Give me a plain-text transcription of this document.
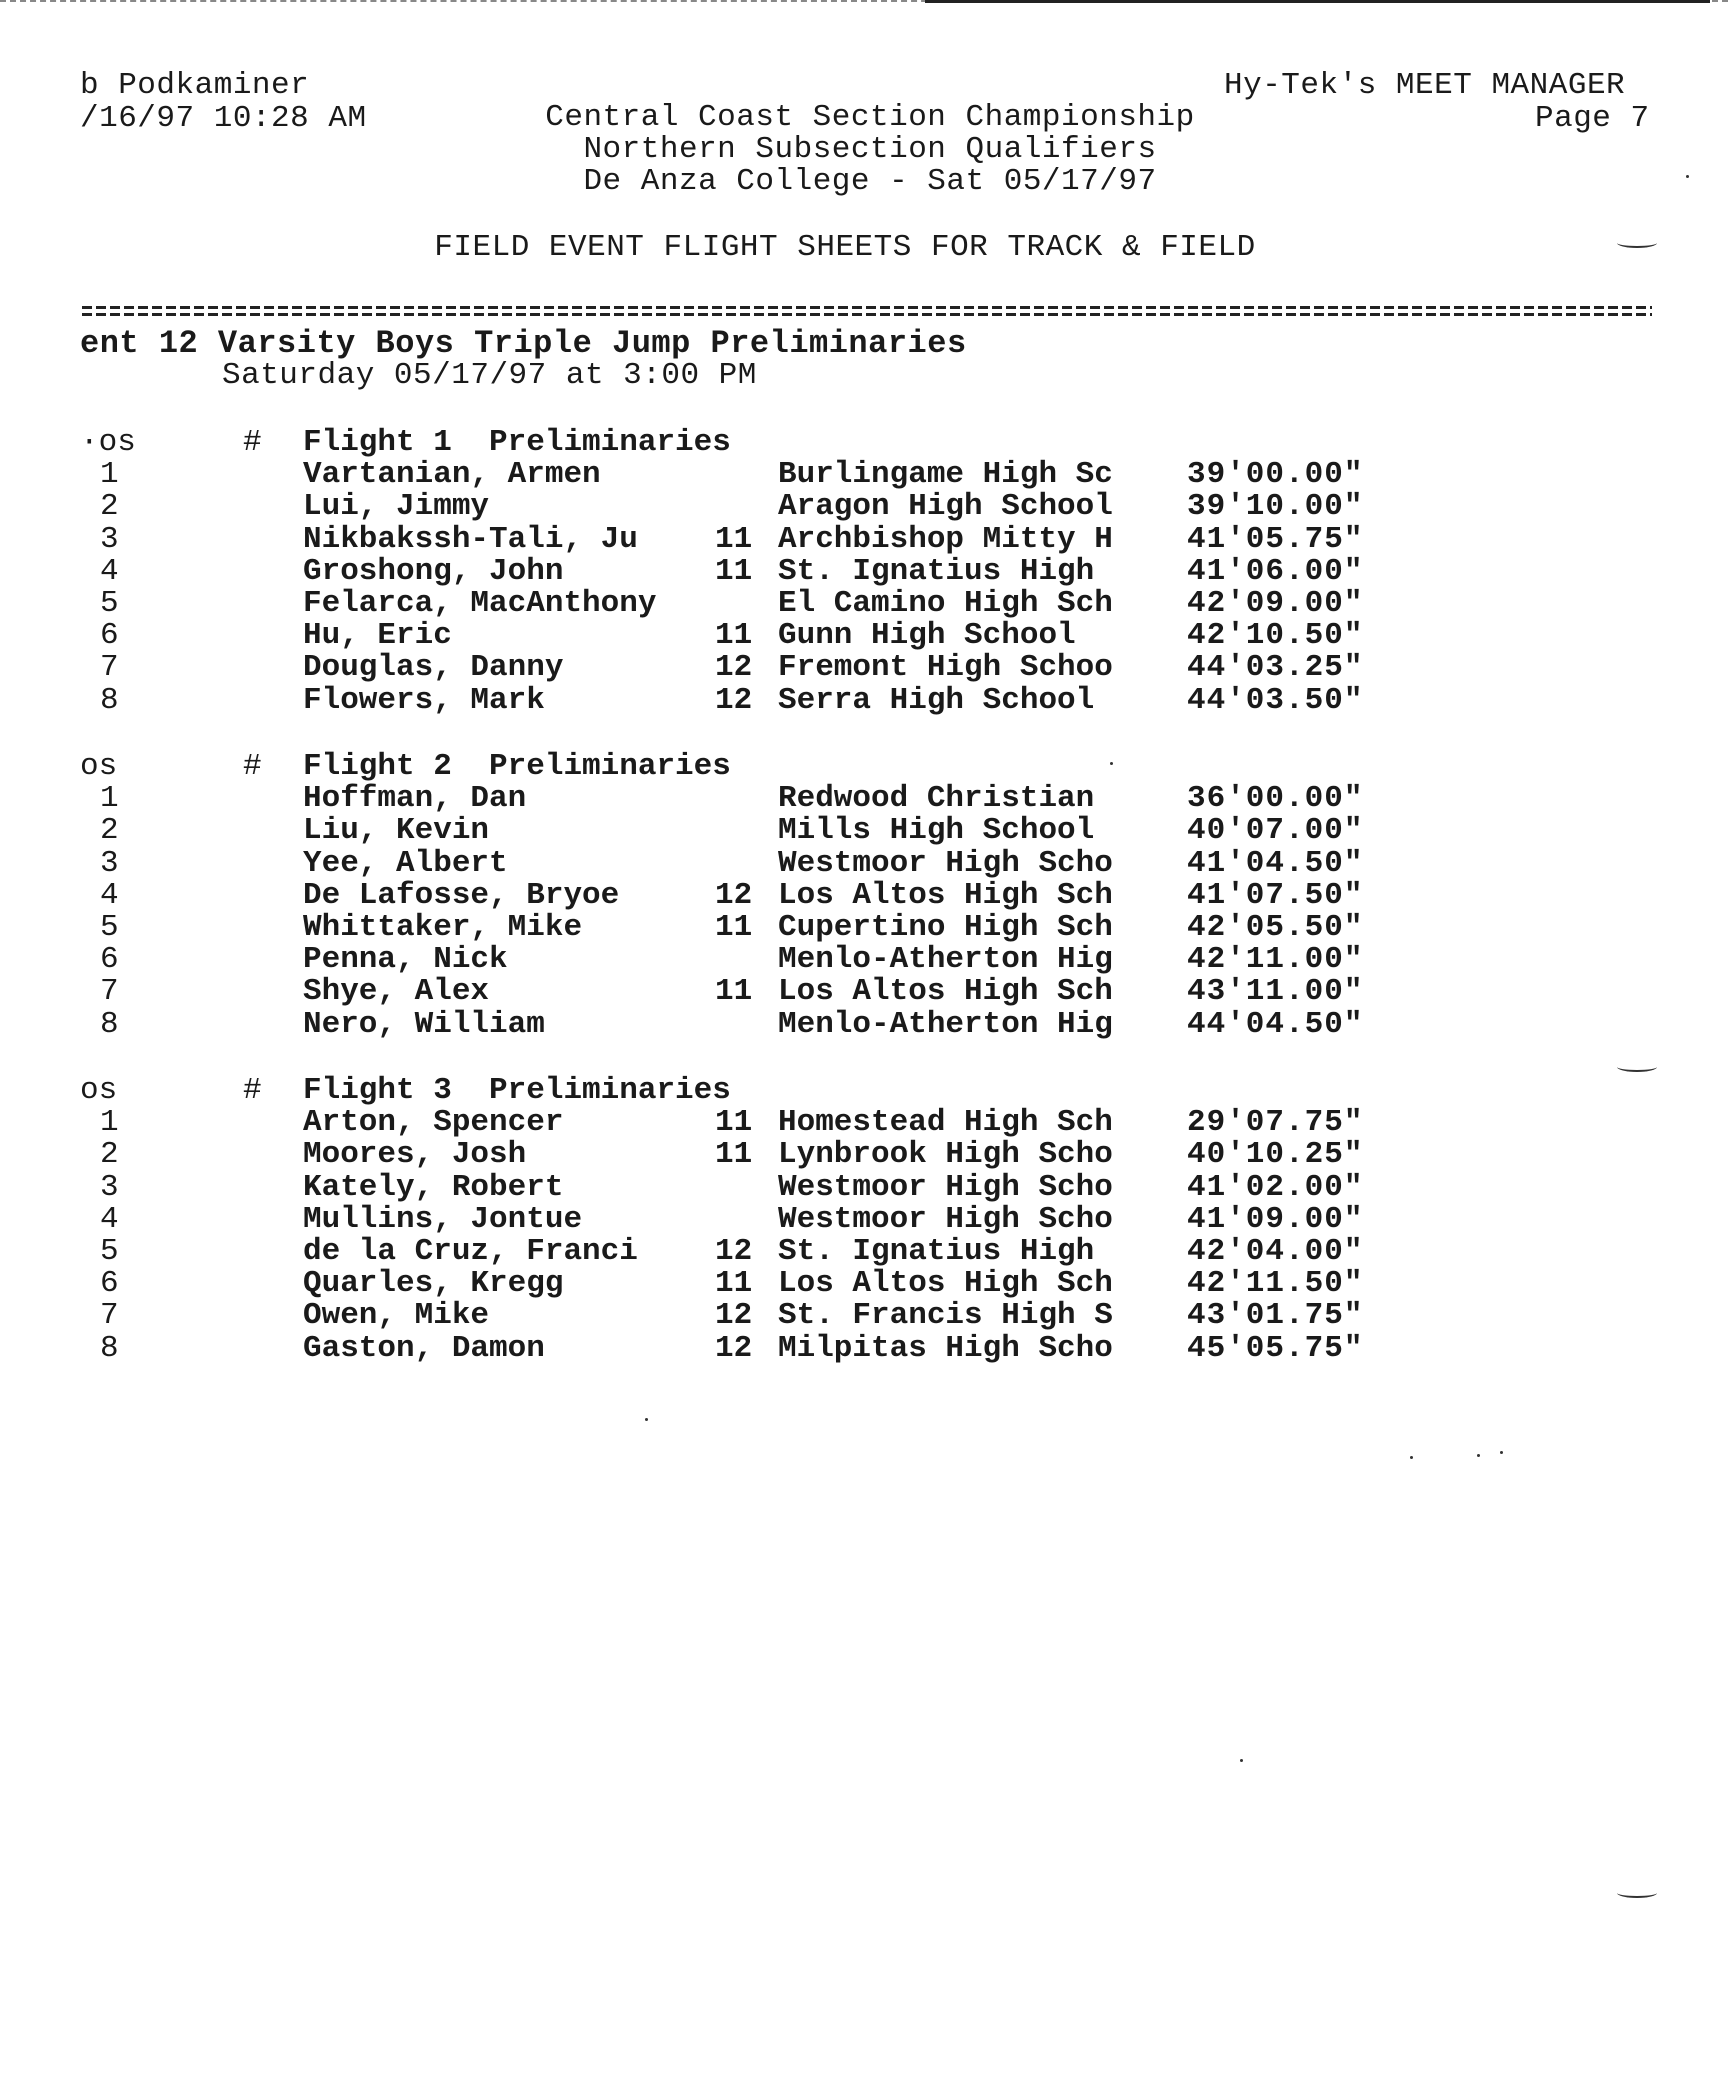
b Podkaminer
/16/97 10:28 AM
Hy-Tek's MEET MANAGER
Page 7
Central Coast Section Championship
Northern Subsection Qualifiers
De Anza College - Sat 05/17/97
FIELD EVENT FLIGHT SHEETS FOR TRACK & FIELD
ent 12 Varsity Boys Triple Jump Preliminaries
Saturday 05/17/97 at 3:00 PM
·os	# Flight 1  Preliminaries
1	Vartanian, Armen	Burlingame High Sc 39'00.00"
2	Lui, Jimmy	Aragon High School 39'10.00"
3	Nikbakssh-Tali, Ju 11 Archbishop Mitty H 41'05.75"
4	Groshong, John	11 St. Ignatius High	41'06.00"
5	Felarca, MacAnthony	El Camino High Sch 42'09.00"
6	Hu, Eric	11 Gunn High School	42'10.50"
7	Douglas, Danny	12 Fremont High Schoo 44'03.25"
8	Flowers, Mark	12 Serra High School	44'03.50"
os	# Flight 2  Preliminaries
1	Hoffman, Dan	Redwood Christian	36'00.00"
2	Liu, Kevin	Mills High School	40'07.00"
3	Yee, Albert	Westmoor High Scho 41'04.50"
4	De Lafosse, Bryoe	12 Los Altos High Sch 41'07.50"
5	Whittaker, Mike	11 Cupertino High Sch 42'05.50"
6	Penna, Nick	Menlo-Atherton Hig 42'11.00"
7	Shye, Alex	11 Los Altos High Sch 43'11.00"
8	Nero, William	Menlo-Atherton Hig 44'04.50"
os	# Flight 3  Preliminaries
1	Arton, Spencer	11 Homestead High Sch 29'07.75"
2	Moores, Josh	11 Lynbrook High Scho 40'10.25"
3	Kately, Robert	Westmoor High Scho 41'02.00"
4	Mullins, Jontue	Westmoor High Scho 41'09.00"
5	de la Cruz, Franci 12 St. Ignatius High	42'04.00"
6	Quarles, Kregg	11 Los Altos High Sch 42'11.50"
7	Owen, Mike	12 St. Francis High S 43'01.75"
8	Gaston, Damon	12 Milpitas High Scho 45'05.75"
